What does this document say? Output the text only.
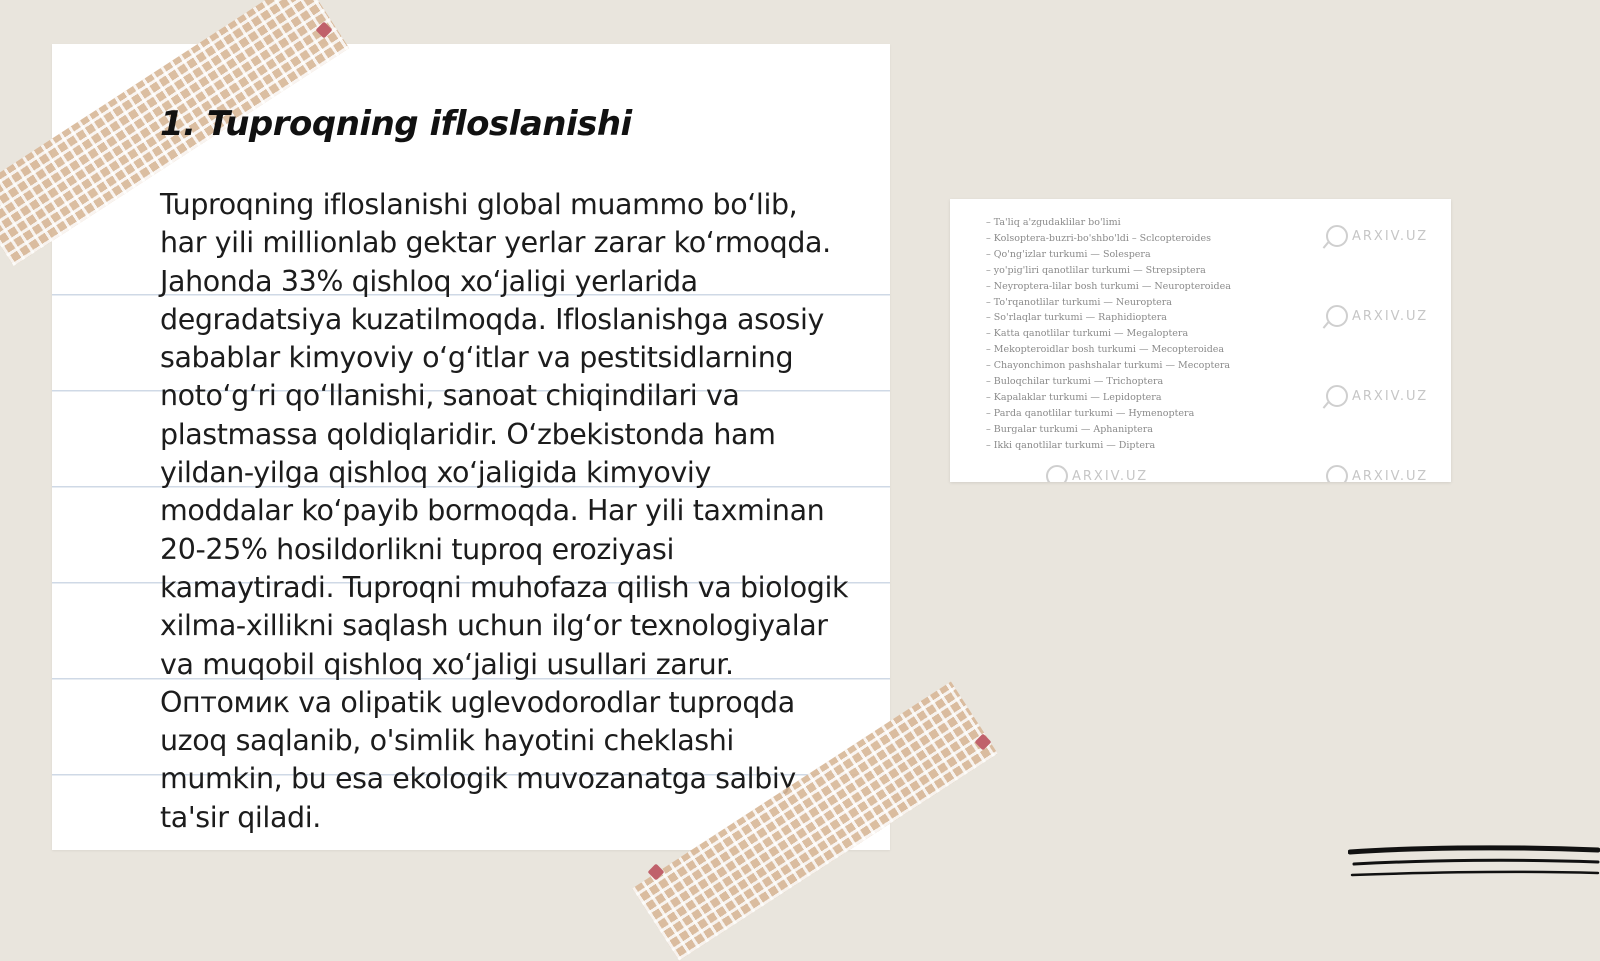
1. Tuproqning ifloslanishi

Tuproqning ifloslanishi global muammo bo‘lib, har yili millionlab gektar yerlar zarar ko‘rmoqda. Jahonda 33% qishloq xo‘jaligi yerlarida degradatsiya kuzatilmoqda. Ifloslanishga asosiy sabablar kimyoviy o‘g‘itlar va pestitsidlarning noto‘g‘ri qo‘llanishi, sanoat chiqindilari va plastmassa qoldiqlaridir. O‘zbekistonda ham yildan-yilga qishloq xo‘jaligida kimyoviy moddalar ko‘payib bormoqda. Har yili taxminan 20-25% hosildorlikni tuproq eroziyasi kamaytiradi. Tuproqni muhofaza qilish va biologik xilma-xillikni saqlash uchun ilg‘or texnologiyalar va muqobil qishloq xo‘jaligi usullari zarur. Оптомик va olipatik uglevodorodlar tuproqda uzoq saqlanib, o'simlik hayotini cheklashi mumkin, bu esa ekologik muvozanatga salbiy ta'sir qiladi.

– Ta'liq a'zgudaklilar bo'limi
– Kolsoptera-buzri-bo'shbo'ldi – Sclcopteroides
– Qo'ng'izlar turkumi — Solespera
– yo'pig'liri qanotlilar turkumi — Strepsipterа
– Neyroptera-lilar bosh turkumi — Neuropteroidea
– To'rqanotlilar turkumi — Neuroptera
– So'rlaqlar turkumi — Raphidioptera
– Katta qanotlilar turkumi — Megaloptera
– Mekopteroidlar bosh turkumi — Mecopteroidea
– Chayonchimon pashshalar turkumi — Mecoptera
– Buloqchilar turkumi — Trichoptera
– Kapalaklar turkumi — Lepidoptera
– Parda qanotlilar turkumi — Hymenoptera
– Burgalar turkumi — Aphaniptera
– Ikki qanotlilar turkumi — Diptera
ARXIV.UZ
ARXIV.UZ
ARXIV.UZ
ARXIV.UZ	ARXIV.UZ
